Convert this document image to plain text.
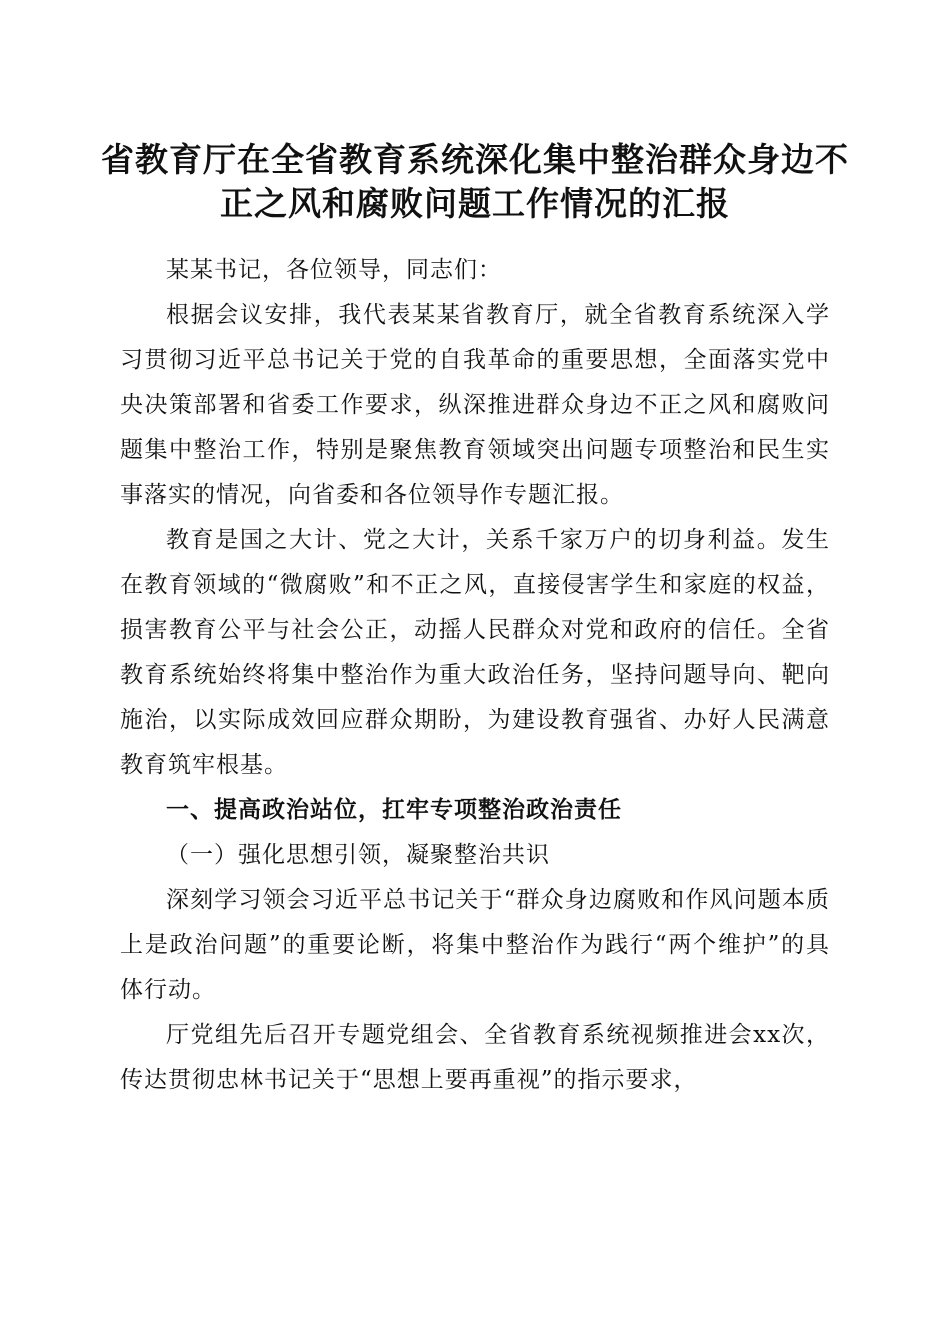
省教育厅在全省教育系统深化集中整治群众身边不正之风和腐败问题工作情况的汇报

某某书记，各位领导，同志们：

根据会议安排，我代表某某省教育厅，就全省教育系统深入学习贯彻习近平总书记关于党的自我革命的重要思想，全面落实党中央决策部署和省委工作要求，纵深推进群众身边不正之风和腐败问题集中整治工作，特别是聚焦教育领域突出问题专项整治和民生实事落实的情况，向省委和各位领导作专题汇报。

教育是国之大计、党之大计，关系千家万户的切身利益。发生在教育领域的“微腐败”和不正之风，直接侵害学生和家庭的权益，损害教育公平与社会公正，动摇人民群众对党和政府的信任。全省教育系统始终将集中整治作为重大政治任务，坚持问题导向、靶向施治，以实际成效回应群众期盼，为建设教育强省、办好人民满意教育筑牢根基。

一、提高政治站位，扛牢专项整治政治责任

（一）强化思想引领，凝聚整治共识

深刻学习领会习近平总书记关于“群众身边腐败和作风问题本质上是政治问题”的重要论断，将集中整治作为践行“两个维护”的具体行动。

厅党组先后召开专题党组会、全省教育系统视频推进会xx次，传达贯彻忠林书记关于“思想上要再重视”的指示要求，
